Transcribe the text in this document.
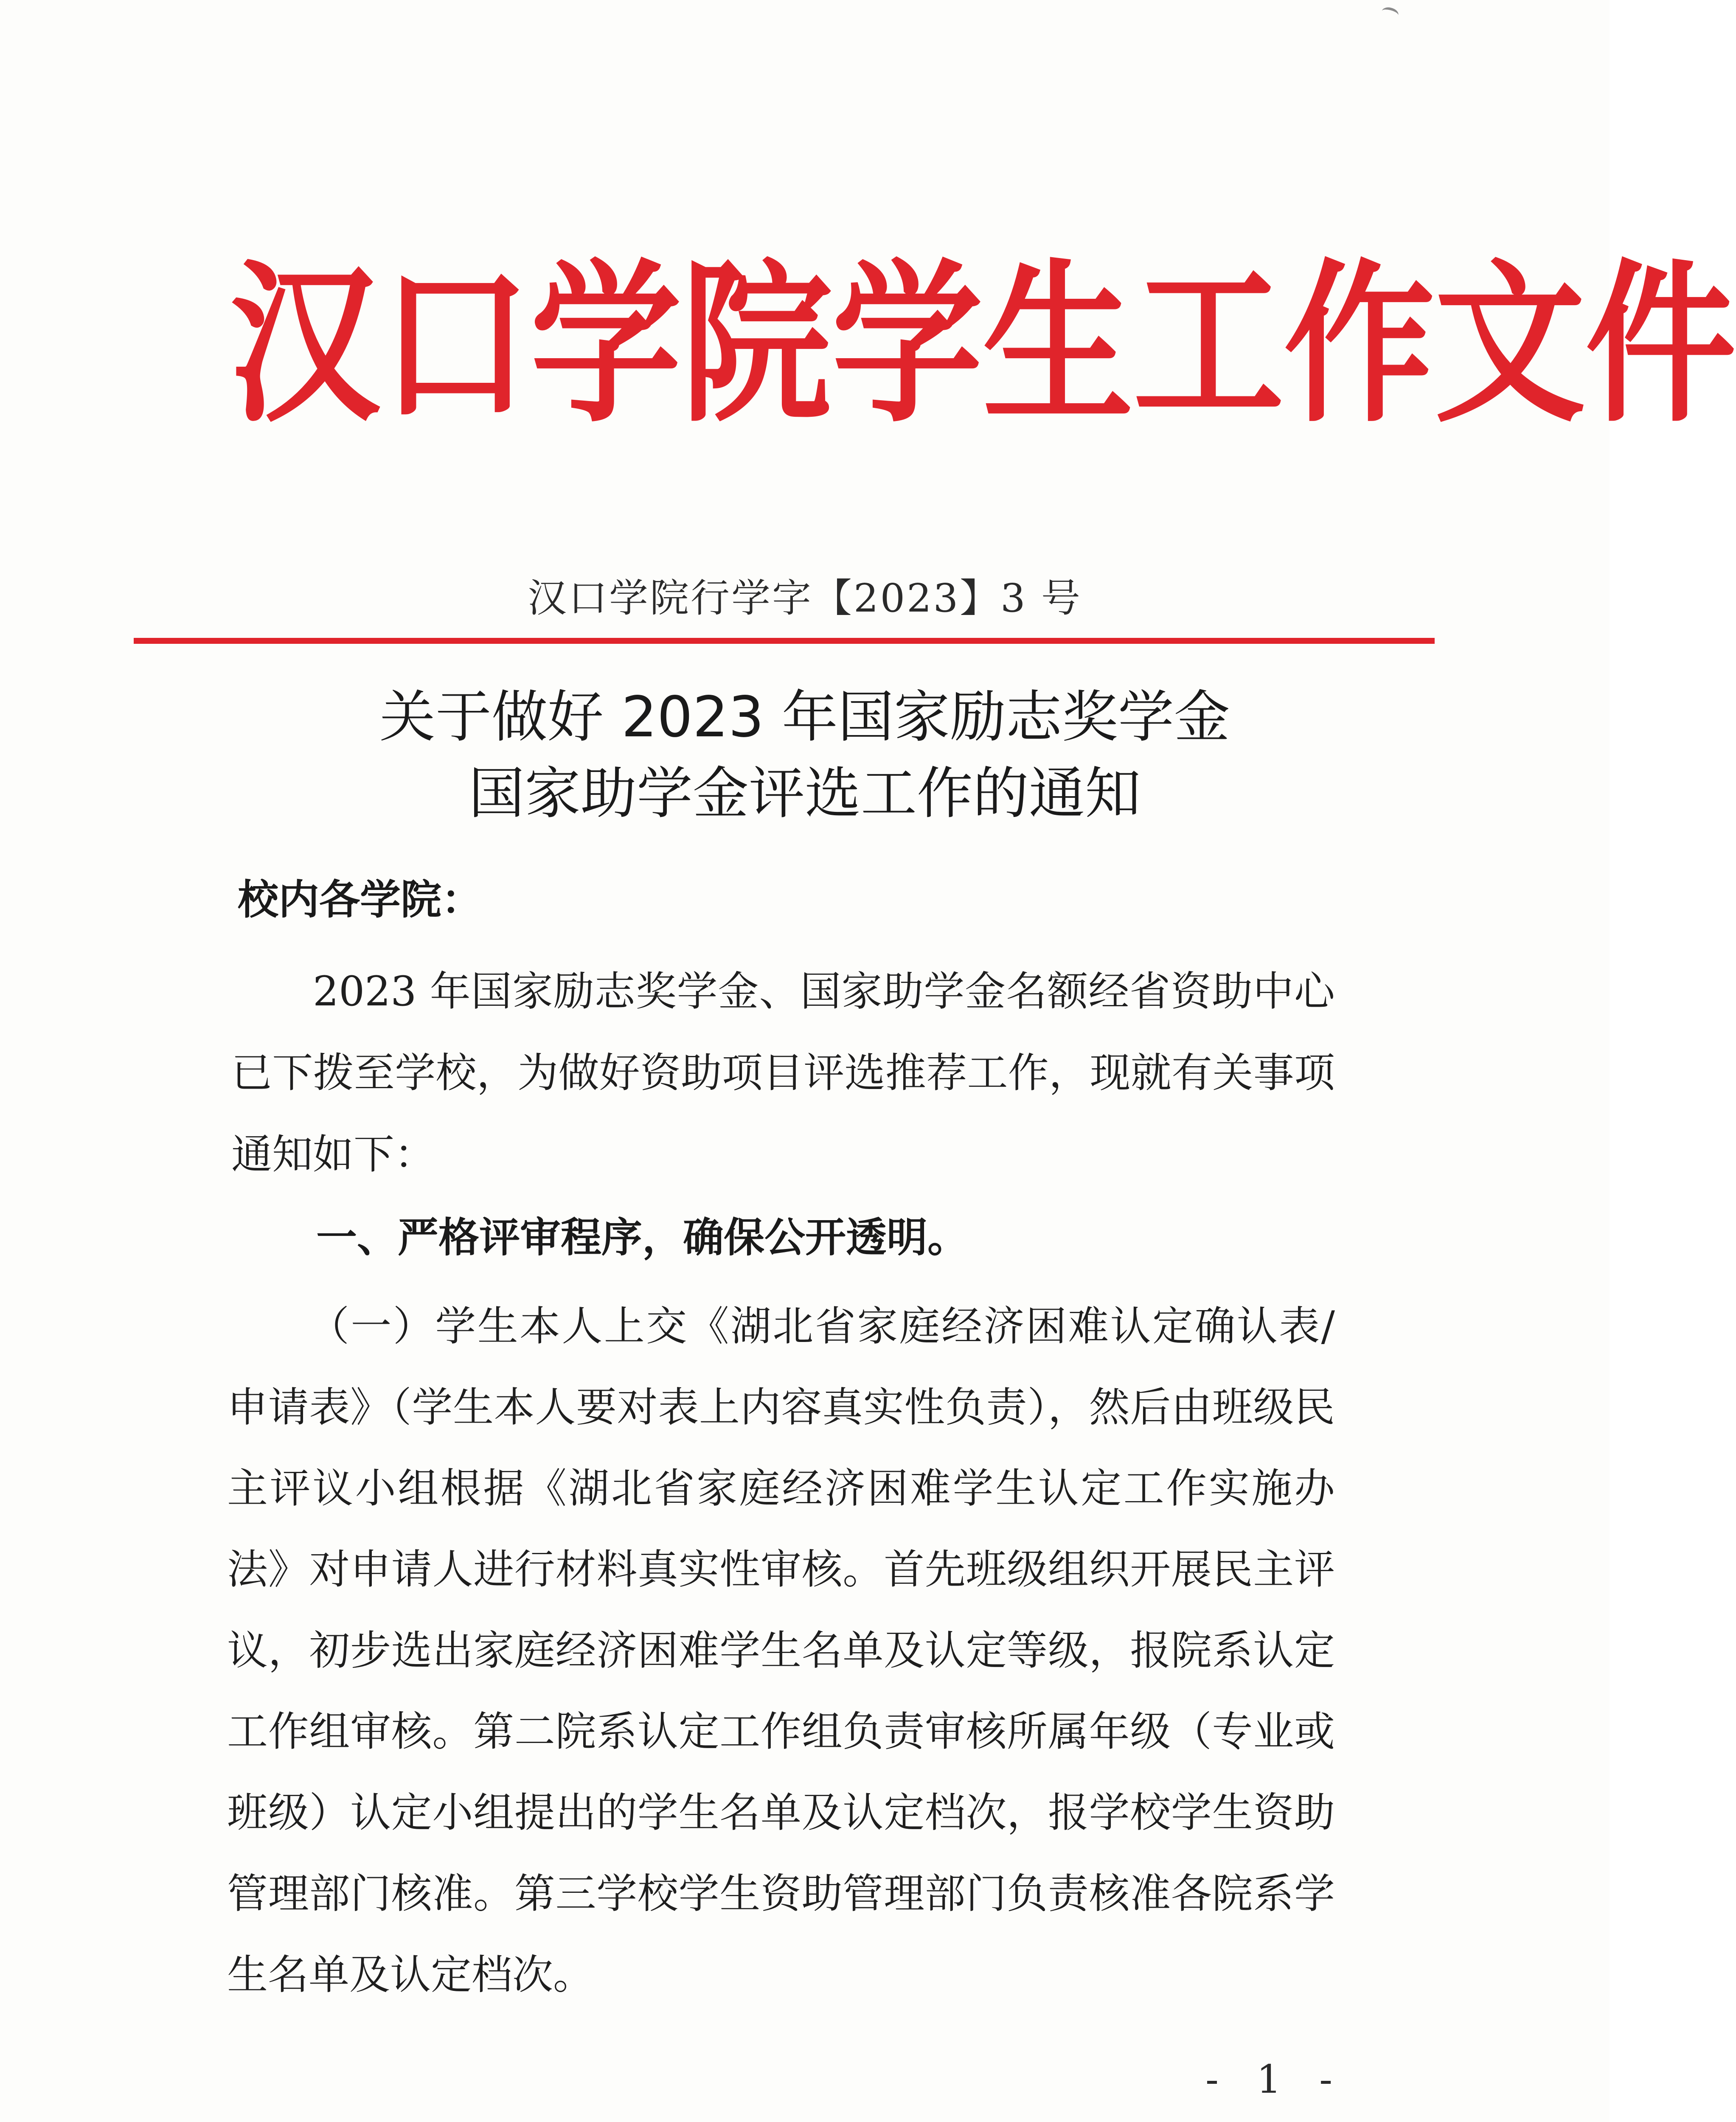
汉 口 学 院 学 生 工 作 文 件
汉口学院行学字【2023】3 号
关于做好 2023 年国家励志奖学金
国家助学金评选工作的通知
校内各学院：

2023 年国家励志奖学金、国家助学金名额经省资助中心已下拨至学校，为做好资助项目评选推荐工作，现就有关事项通知如下：

一、严格评审程序，确保公开透明。

（一）学生本人上交《湖北省家庭经济困难认定确认表/申请表》（学生本人要对表上内容真实性负责），然后由班级民主评议小组根据《湖北省家庭经济困难学生认定工作实施办法》对申请人进行材料真实性审核。首先班级组织开展民主评议，初步选出家庭经济困难学生名单及认定等级，报院系认定工作组审核。第二院系认定工作组负责审核所属年级（专业或班级）认定小组提出的学生名单及认定档次，报学校学生资助管理部门核准。第三学校学生资助管理部门负责核准各院系学生名单及认定档次。

- 1 -
